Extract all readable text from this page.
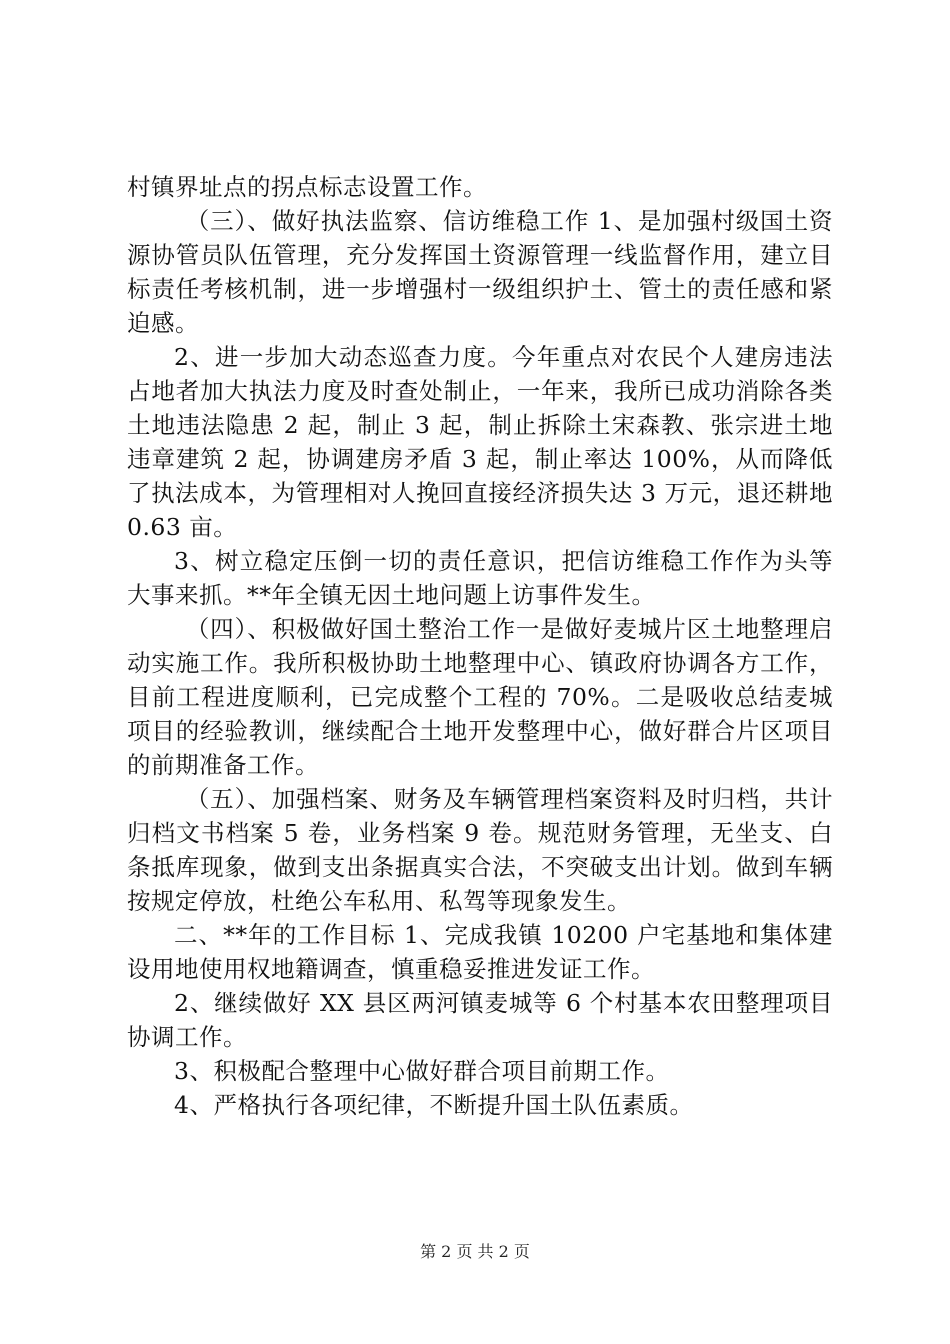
村镇界址点的拐点标志设置工作。

（三）、做好执法监察、信访维稳工作 1、是加强村级国土资源协管员队伍管理，充分发挥国土资源管理一线监督作用，建立目标责任考核机制，进一步增强村一级组织护土、管土的责任感和紧迫感。

2、进一步加大动态巡查力度。今年重点对农民个人建房违法占地者加大执法力度及时查处制止，一年来，我所已成功消除各类土地违法隐患 2 起，制止 3 起，制止拆除土宋森教、张宗进土地违章建筑 2 起，协调建房矛盾 3 起，制止率达 100%，从而降低了执法成本，为管理相对人挽回直接经济损失达 3 万元，退还耕地 0.63 亩。

3、树立稳定压倒一切的责任意识，把信访维稳工作作为头等大事来抓。**年全镇无因土地问题上访事件发生。

（四）、积极做好国土整治工作一是做好麦城片区土地整理启动实施工作。我所积极协助土地整理中心、镇政府协调各方工作，目前工程进度顺利，已完成整个工程的 70%。二是吸收总结麦城项目的经验教训，继续配合土地开发整理中心，做好群合片区项目的前期准备工作。

（五）、加强档案、财务及车辆管理档案资料及时归档，共计归档文书档案 5 卷，业务档案 9 卷。规范财务管理，无坐支、白条抵库现象，做到支出条据真实合法，不突破支出计划。做到车辆按规定停放，杜绝公车私用、私驾等现象发生。

二、**年的工作目标 1、完成我镇 10200 户宅基地和集体建设用地使用权地籍调查，慎重稳妥推进发证工作。

2、继续做好 XX 县区两河镇麦城等 6 个村基本农田整理项目协调工作。

3、积极配合整理中心做好群合项目前期工作。

4、严格执行各项纪律，不断提升国土队伍素质。

第 2 页 共 2 页
